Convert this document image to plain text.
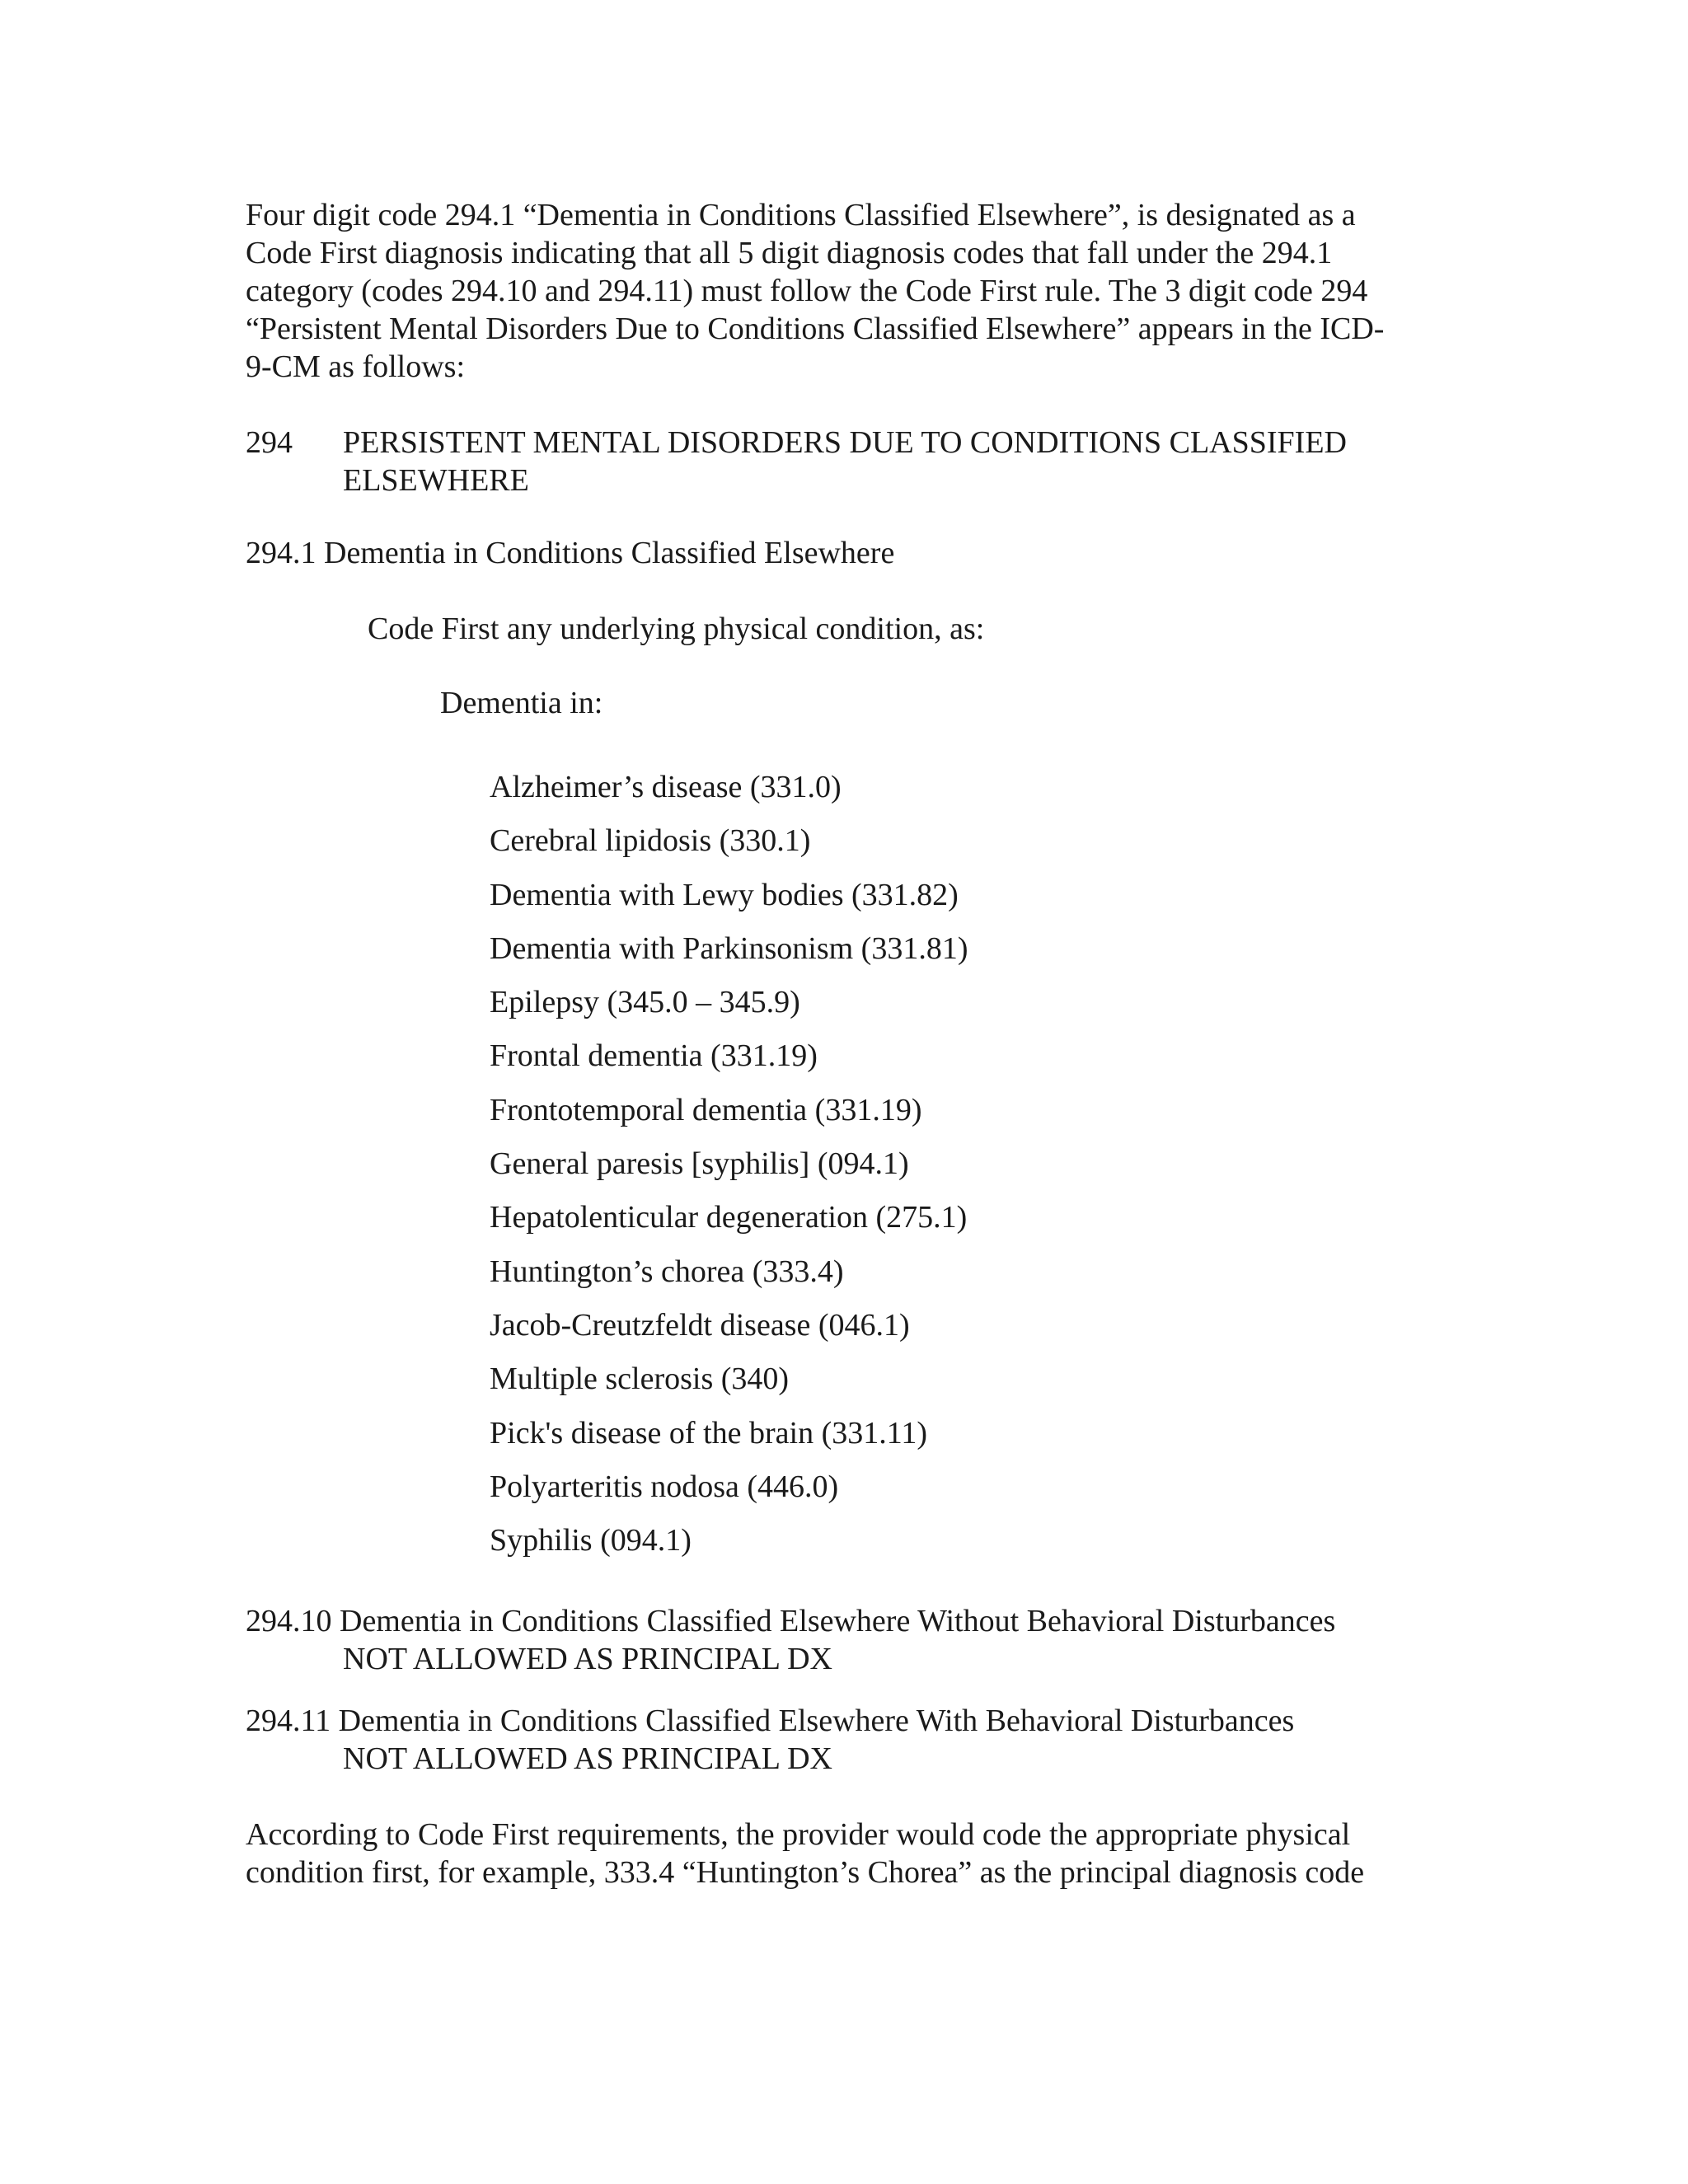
Four digit code 294.1 “Dementia in Conditions Classified Elsewhere”, is designated as a
Code First diagnosis indicating that all 5 digit diagnosis codes that fall under the 294.1
category (codes 294.10 and 294.11) must follow the Code First rule. The 3 digit code 294
“Persistent Mental Disorders Due to Conditions Classified Elsewhere” appears in the ICD-
9-CM as follows:

294 PERSISTENT MENTAL DISORDERS DUE TO CONDITIONS CLASSIFIED
ELSEWHERE
294.1 Dementia in Conditions Classified Elsewhere
Code First any underlying physical condition, as:
Dementia in:
Alzheimer’s disease (331.0)
Cerebral lipidosis (330.1)
Dementia with Lewy bodies (331.82)
Dementia with Parkinsonism (331.81)
Epilepsy (345.0 – 345.9)
Frontal dementia (331.19)
Frontotemporal dementia (331.19)
General paresis [syphilis] (094.1)
Hepatolenticular degeneration (275.1)
Huntington’s chorea (333.4)
Jacob-Creutzfeldt disease (046.1)
Multiple sclerosis (340)
Pick's disease of the brain (331.11)
Polyarteritis nodosa (446.0)
Syphilis (094.1)
294.10 Dementia in Conditions Classified Elsewhere Without Behavioral Disturbances
NOT ALLOWED AS PRINCIPAL DX
294.11 Dementia in Conditions Classified Elsewhere With Behavioral Disturbances
NOT ALLOWED AS PRINCIPAL DX
According to Code First requirements, the provider would code the appropriate physical
condition first, for example, 333.4 “Huntington’s Chorea” as the principal diagnosis code
